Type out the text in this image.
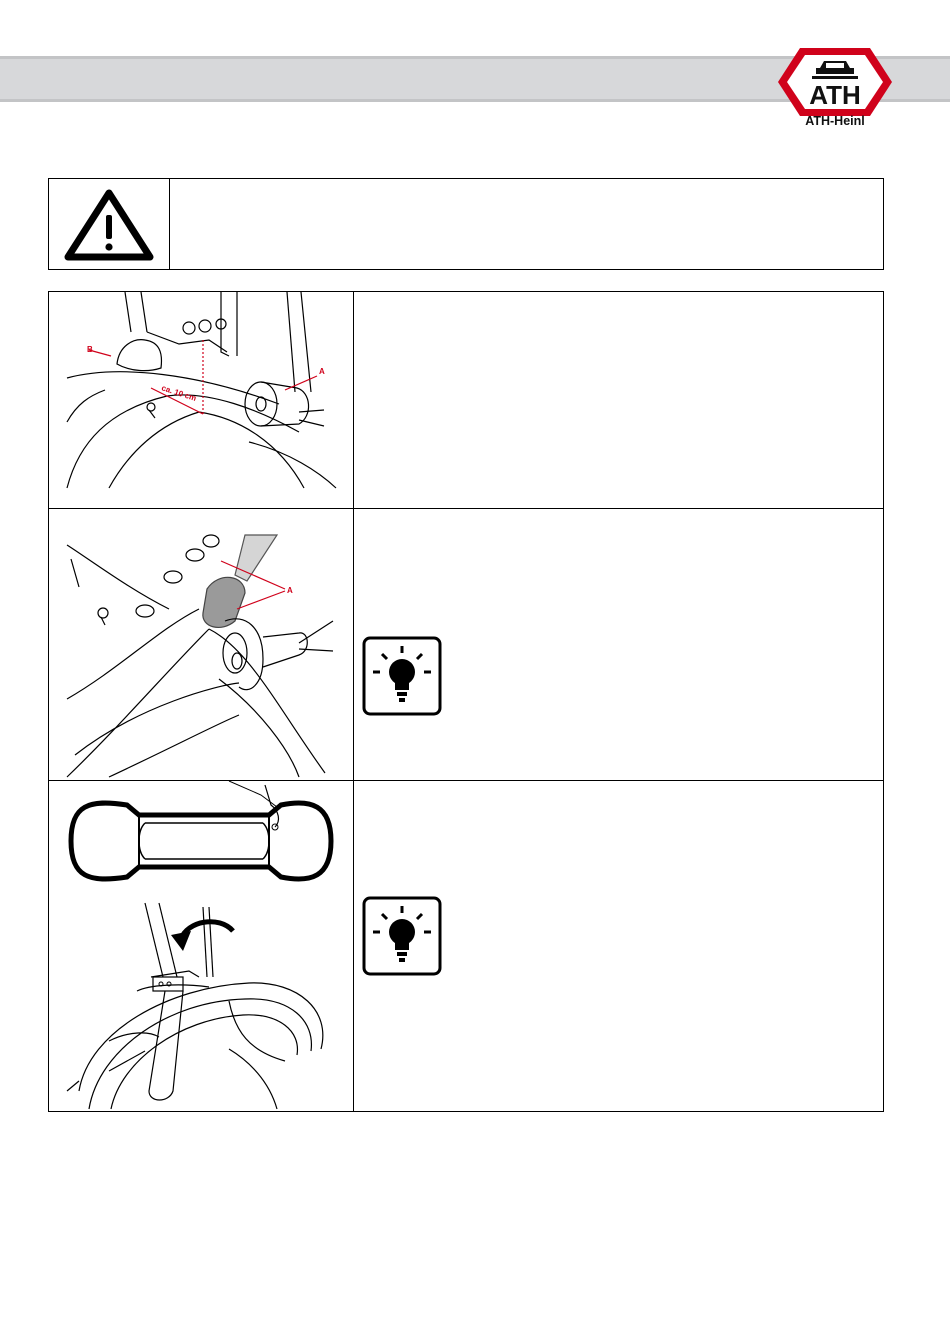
ATH
ATH-Heinl
B
A
ca. 10 cm
A
